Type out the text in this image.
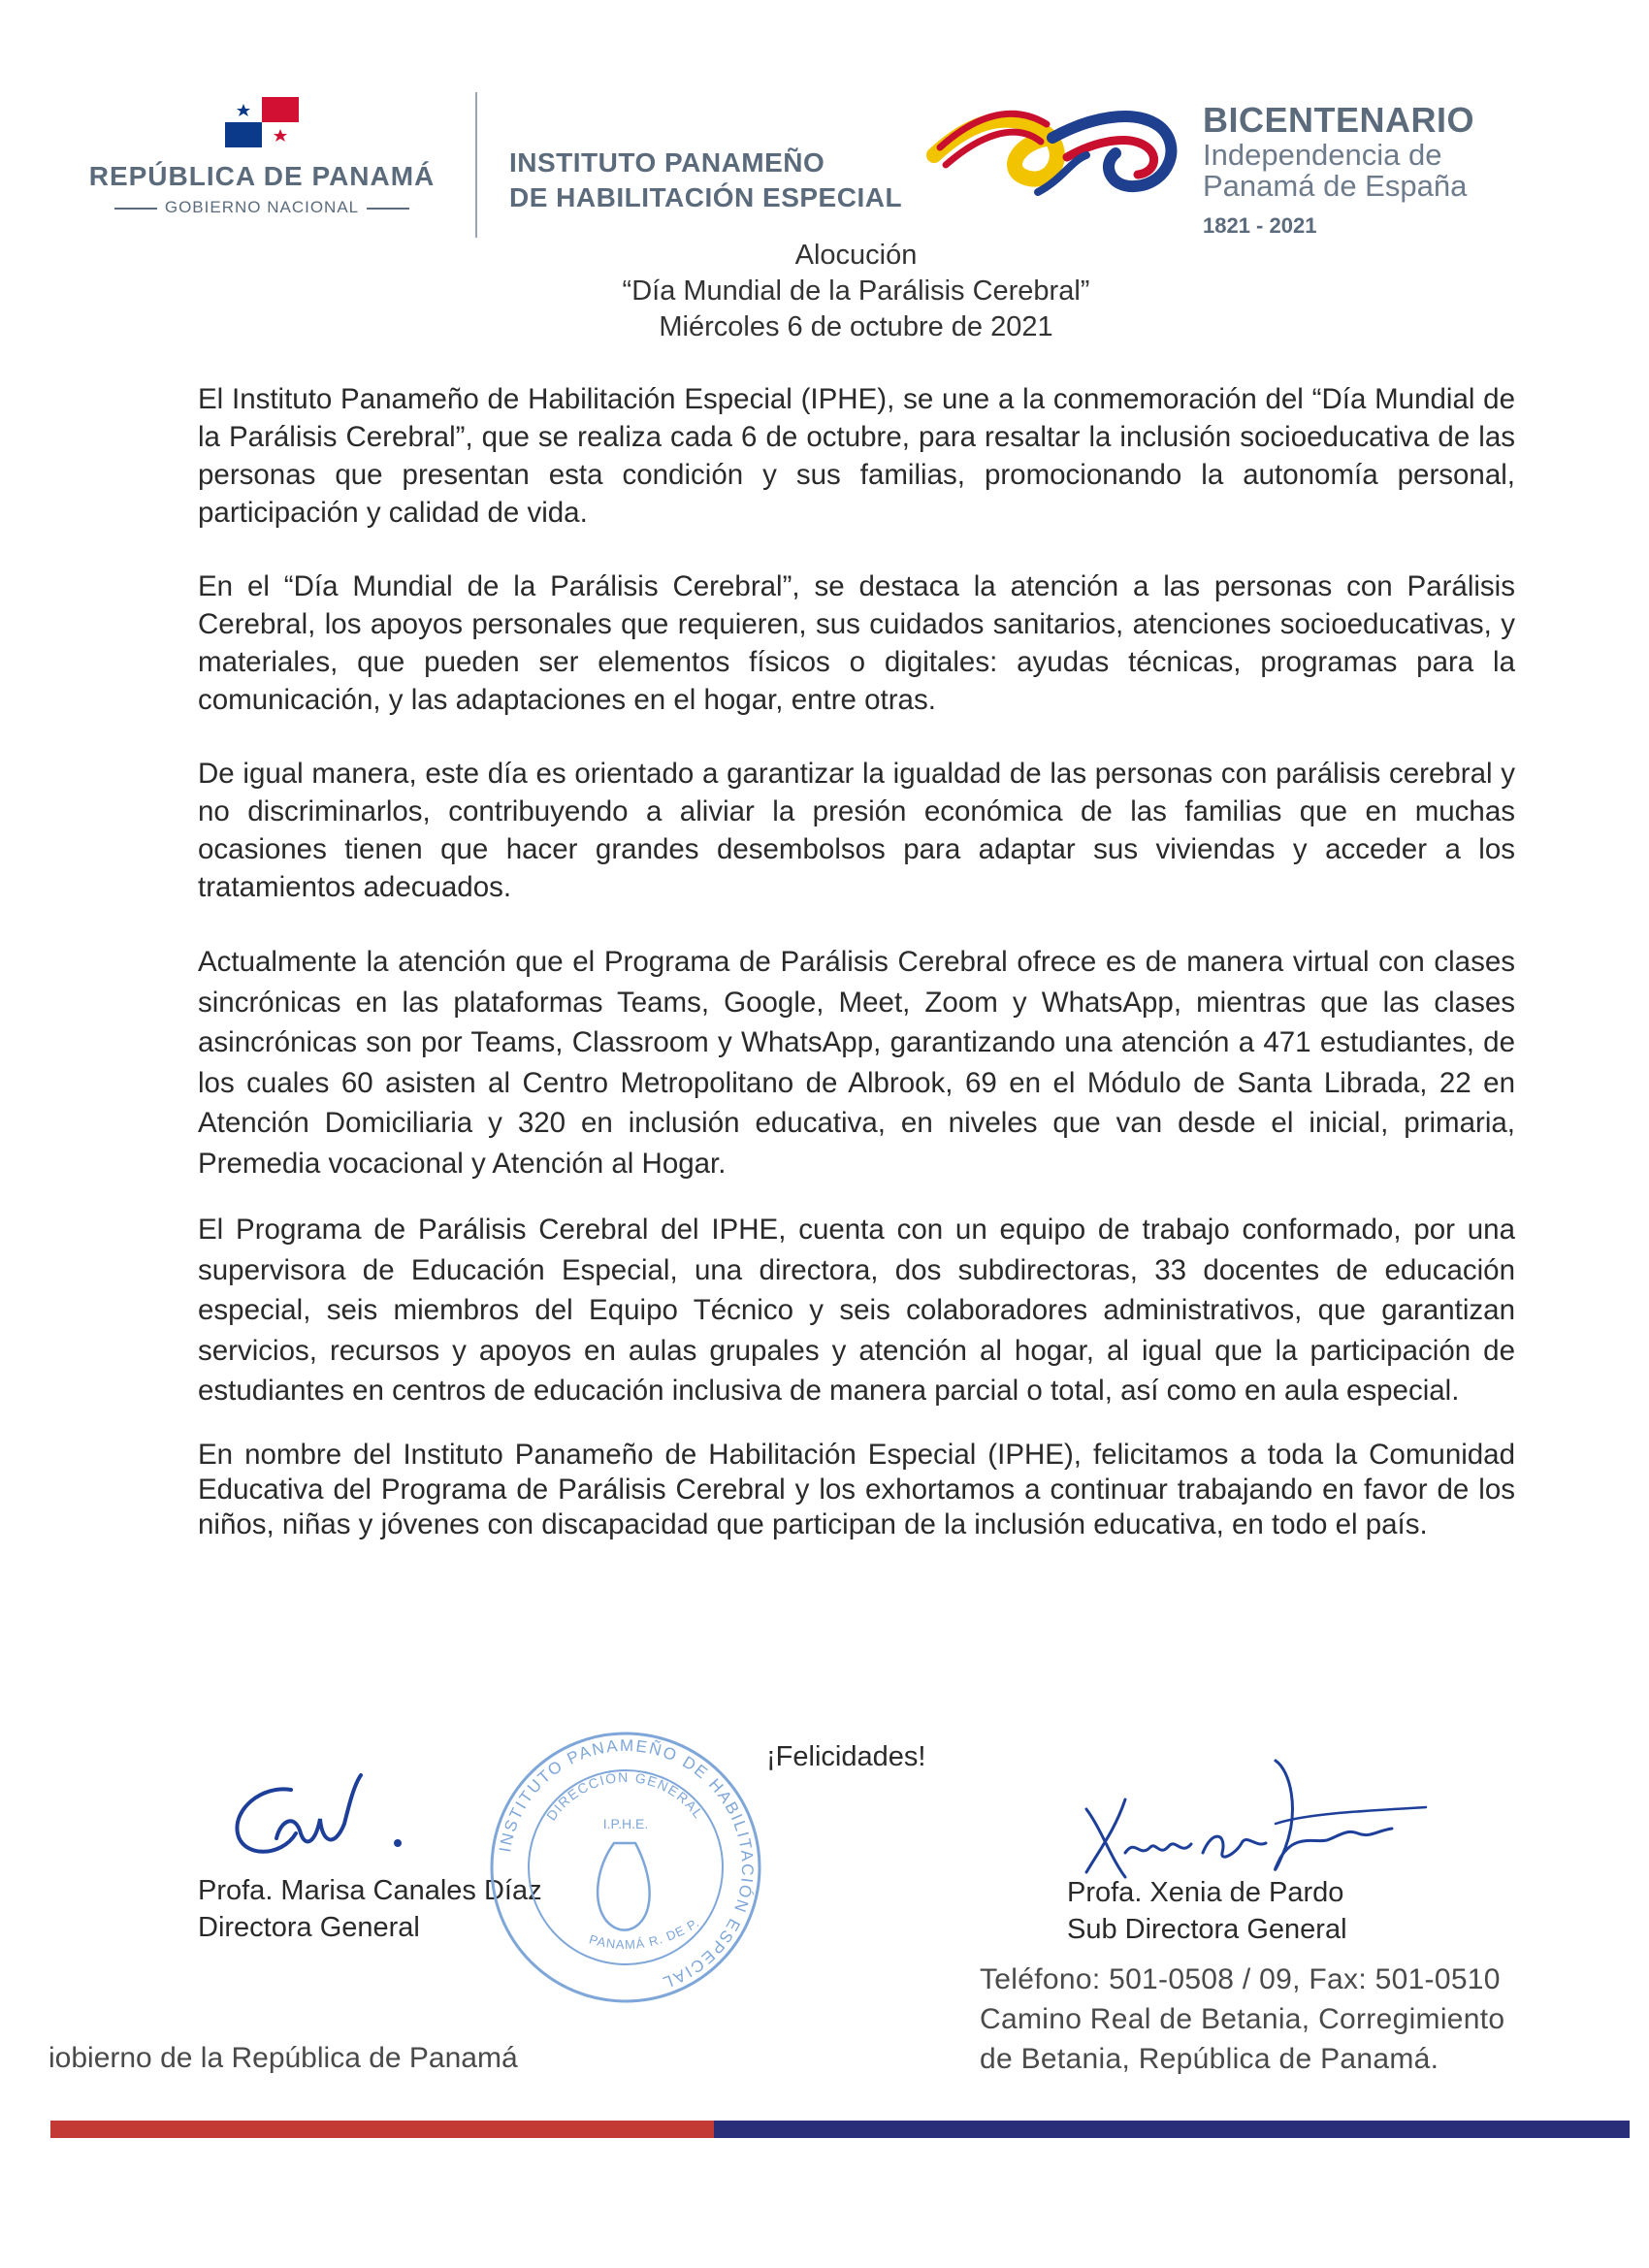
REPÚBLICA DE PANAMÁ
GOBIERNO NACIONAL
INSTITUTO PANAMEÑO
DE HABILITACIÓN ESPECIAL
BICENTENARIO
Independencia de
Panamá de España
1821 - 2021
Alocución
“Día Mundial de la Parálisis Cerebral”
Miércoles 6 de octubre de 2021

El Instituto Panameño de Habilitación Especial (IPHE), se une a la conmemoración del “Día Mundial de la Parálisis Cerebral”, que se realiza cada 6 de octubre, para resaltar la inclusión socioeducativa de las personas que presentan esta condición y sus familias, promocionando la autonomía personal, participación y calidad de vida.

En el “Día Mundial de la Parálisis Cerebral”, se destaca la atención a las personas con Parálisis Cerebral, los apoyos personales que requieren, sus cuidados sanitarios, atenciones socioeducativas, y materiales, que pueden ser elementos físicos o digitales: ayudas técnicas, programas para la comunicación, y las adaptaciones en el hogar, entre otras.

De igual manera, este día es orientado a garantizar la igualdad de las personas con parálisis cerebral y no discriminarlos, contribuyendo a aliviar la presión económica de las familias que en muchas ocasiones tienen que hacer grandes desembolsos para adaptar sus viviendas y acceder a los tratamientos adecuados.

Actualmente la atención que el Programa de Parálisis Cerebral ofrece es de manera virtual con clases sincrónicas en las plataformas Teams, Google, Meet, Zoom y WhatsApp, mientras que las clases asincrónicas son por Teams, Classroom y WhatsApp, garantizando una atención a 471 estudiantes, de los cuales 60 asisten al Centro Metropolitano de Albrook, 69 en el Módulo de Santa Librada, 22 en Atención Domiciliaria y 320 en inclusión educativa, en niveles que van desde el inicial, primaria, Premedia vocacional y Atención al Hogar.

El Programa de Parálisis Cerebral del IPHE, cuenta con un equipo de trabajo conformado, por una supervisora de Educación Especial, una directora, dos subdirectoras, 33 docentes de educación especial, seis miembros del Equipo Técnico y seis colaboradores administrativos, que garantizan servicios, recursos y apoyos en aulas grupales y atención al hogar, al igual que la participación de estudiantes en centros de educación inclusiva de manera parcial o total, así como en aula especial.

En nombre del Instituto Panameño de Habilitación Especial (IPHE), felicitamos a toda la Comunidad Educativa del Programa de Parálisis Cerebral y los exhortamos a continuar trabajando en favor de los niños, niñas y jóvenes con discapacidad que participan de la inclusión educativa, en todo el país.

¡Felicidades!
Profa. Marisa Canales Díaz
Directora General
INSTITUTO PANAMEÑO DE HABILITACIÓN ESPECIAL
DIRECCIÓN GENERAL
I.P.H.E.
PANAMÁ R. DE P.
Profa. Xenia de Pardo
Sub Directora General
Teléfono: 501-0508 / 09, Fax: 501-0510
Camino Real de Betania, Corregimiento
de Betania, República de Panamá.
iobierno de la República de Panamá
